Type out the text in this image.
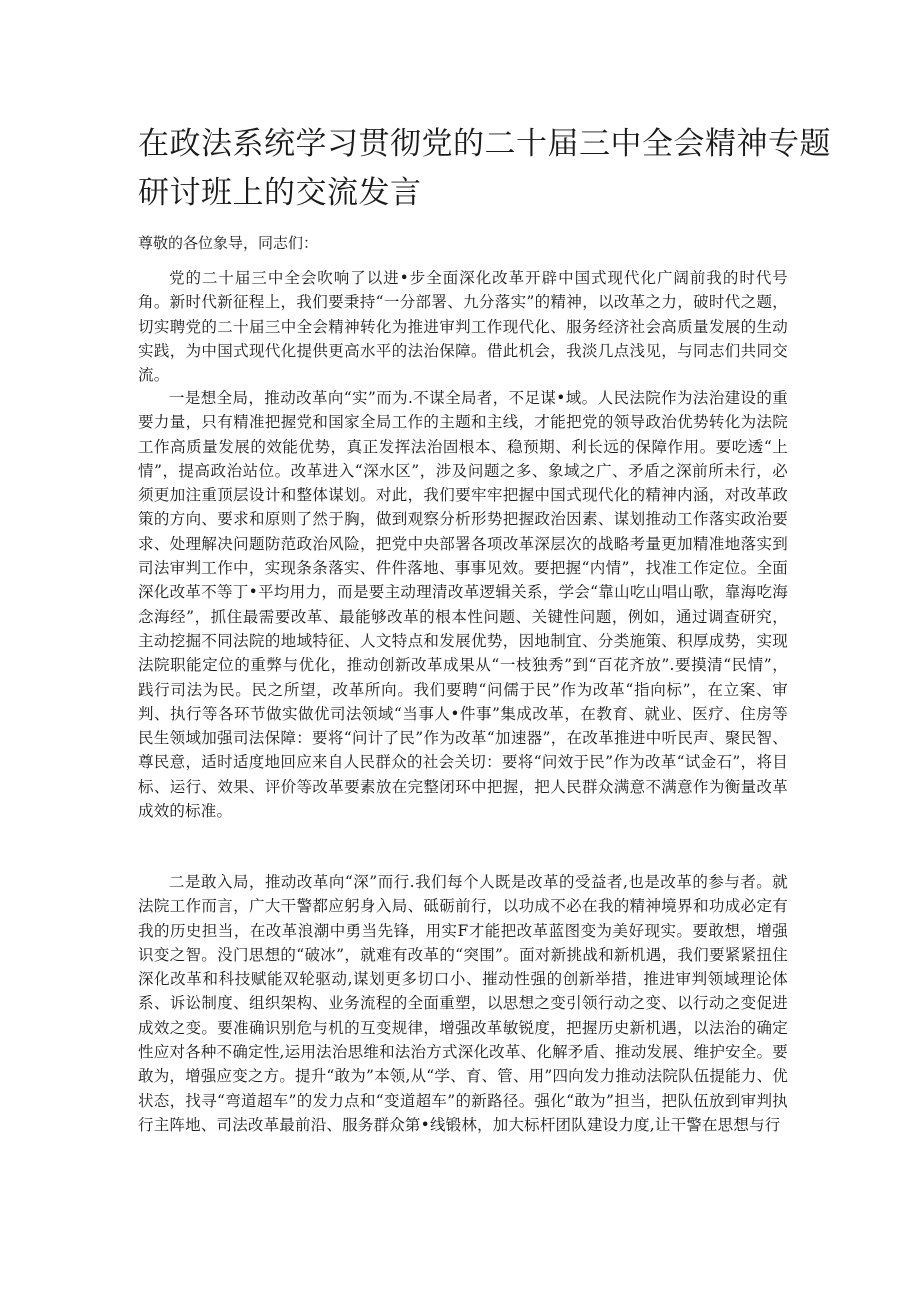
在政法系统学习贯彻党的二十届三中全会精神专题
研讨班上的交流发言

尊敬的各位象导，同志们：

党的二十届三中全会吹响了以进•步全面深化改革开辟中国式现代化广阔前我的时代号角。新时代新征程上，我们要秉持“一分部署、九分落实”的精神，以改革之力，破时代之题，切实聘党的二十届三中全会精神转化为推进审判工作现代化、服务经济社会高质量发展的生动实践，为中国式现代化提供更高水平的法治保障。借此机会，我淡几点浅见，与同志们共同交流。

一是想全局，推动改革向“实”而为.不谋全局者，不足谋•域。人民法院作为法治建设的重要力量，只有精准把握党和国家全局工作的主题和主线，才能把党的领导政治优势转化为法院工作高质量发展的效能优势，真正发挥法治固根本、稳预期、利长远的保障作用。要吃透“上情”，提高政治站位。改革进入“深水区”，涉及问题之多、象域之广、矛盾之深前所未行，必须更加注重顶层设计和整体谋划。对此，我们要牢牢把握中国式现代化的精神内涵，对改革政策的方向、要求和原则了然于胸，做到观察分析形势把握政治因素、谋划推动工作落实政治要求、处理解决问题防范政治风险，把党中央部署各项改革深层次的战略考量更加精准地落实到司法审判工作中，实现条条落实、件件落地、事事见效。要把握“内情”，找准工作定位。全面深化改革不等丁•平均用力，而是要主动理清改革逻辑关系，学会“靠山吃山唱山歌，靠海吃海念海经”，抓住最需要改革、最能够改革的根本性问题、关键性问题，例如，通过调查研究，主动挖掘不同法院的地域特征、人文特点和发展优势，因地制宜、分类施策、积厚成势，实现法院职能定位的重弊与优化，推动创新改革成果从“一枝独秀”到“百花齐放”.要摸清“民情”，践行司法为民。民之所望，改革所向。我们要聘“问儒于民”作为改革“指向标”，在立案、审判、执行等各环节做实做优司法领域“当事人•件事”集成改革，在教育、就业、医疗、住房等民生领域加强司法保障：要将“问计了民”作为改革“加速器”，在改革推进中听民声、聚民智、尊民意，适时适度地回应来自人民群众的社会关切：要将“问效于民”作为改革“试金石”，将目标、运行、效果、评价等改革要素放在完整闭环中把握，把人民群众满意不满意作为衡量改革成效的标准。

二是敢入局，推动改革向“深”而行.我们每个人既是改革的受益者,也是改革的参与者。就法院工作而言，广大干警都应躬身入局、砥砺前行，以功成不必在我的精神境界和功成必定有我的历史担当，在改革浪潮中勇当先锋，用实F才能把改革蓝图变为美好现实。要敢想，增强识变之智。没门思想的“破冰”，就难有改革的“突围”。面对新挑战和新机遇，我们要紧紧扭住深化改革和科技赋能双轮驱动,谋划更多切口小、摧动性强的创新举措，推进审判领域理论体系、诉讼制度、组织架构、业务流程的全面重塑，以思想之变引领行动之变、以行动之变促进成效之变。要准确识别危与机的互变规律，增强改革敏锐度，把握历史新机遇，以法治的确定性应对各种不确定性,运用法治思维和法治方式深化改革、化解矛盾、推动发展、维护安全。要敢为，增强应变之方。提升“敢为”本领,从“学、育、管、用”四向发力推动法院队伍提能力、优状态，找寻“弯道超车”的发力点和“变道超车”的新路径。强化“敢为”担当，把队伍放到审判执行主阵地、司法改革最前沿、服务群众第•线锻林，加大标杆团队建设力度,让干警在思想与行
